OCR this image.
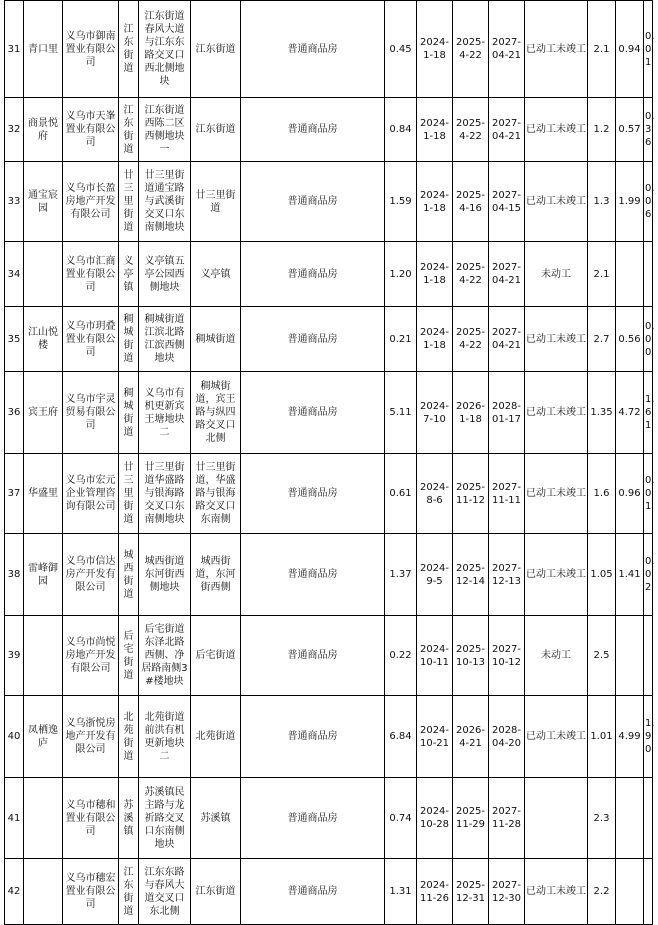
31	青口里	义乌市御南置业有限公司	江东街道	江东街道春风大道与江东东路交叉口西北侧地块	江东街道	普通商品房	0.45	2024-1-18	2025-4-22	2027-04-21	已动工未竣工	2.1	0.94	0.01
32	商景悦府	义乌市天峯置业有限公司	江东街道	江东街道西陈二区西侧地块一	江东街道	普通商品房	0.84	2024-1-18	2025-4-22	2027-04-21	已动工未竣工	1.2	0.57	0.36
33	通宝宸园	义乌市长盈房地产开发有限公司	廿三里街道	廿三里街道通宝路与武溪街交叉口东南侧地块	廿三里街道	普通商品房	1.59	2024-1-18	2025-4-16	2027-04-15	已动工未竣工	1.3	1.99	0.06
34		义乌市汇商置业有限公司	义亭镇	义亭镇五亭公园西侧地块	义亭镇	普通商品房	1.20	2024-1-18	2025-4-22	2027-04-21	未动工	2.1		
35	江山悦楼	义乌市玥叠置业有限公司	稠城街道	稠城街道江滨北路江滨西侧地块	稠城街道	普通商品房	0.21	2024-1-18	2025-4-22	2027-04-21	已动工未竣工	2.7	0.56	0.00
36	宾王府	义乌市宇灵贸易有限公司	稠城街道	义乌市有机更新宾王塘地块二	稠城街道，宾王路与纵四路交叉口北侧	普通商品房	5.11	2024-7-10	2026-1-18	2028-01-17	已动工未竣工	1.35	4.72	1.61
37	华盛里	义乌市宏元企业管理咨询有限公司	廿三里街道	廿三里街道华盛路与银海路交叉口东南侧地块	廿三里街道，华盛路与银海路交叉口东南侧	普通商品房	0.61	2024-8-6	2025-11-12	2027-11-11	已动工未竣工	1.6	0.96	0.01
38	雷峰御园	义乌市信达房产开发有限公司	城西街道	城西街道东河街西侧地块	城西街道，东河街西侧	普通商品房	1.37	2024-9-5	2025-12-14	2027-12-13	已动工未竣工	1.05	1.41	0.02
39		义乌市尚悦房地产开发有限公司	后宅街道	后宅街道东泽北路西侧、净居路南侧3#楼地块	后宅街道	普通商品房	0.22	2024-10-11	2025-10-13	2027-10-12	未动工	2.5		
40	凤栖逸庐	义乌浙悦房地产开发有限公司	北苑街道	北苑街道前洪有机更新地块二	北苑街道	普通商品房	6.84	2024-10-21	2026-4-21	2028-04-20	已动工未竣工	1.01	4.99	1.90
41		义乌市穗和置业有限公司	苏溪镇	苏溪镇民主路与龙祈路交叉口东南侧地块	苏溪镇	普通商品房	0.74	2024-10-28	2025-11-29	2027-11-28		2.3		
42		义乌市穗宏置业有限公司	江东街道	江东东路与春风大道交叉口东北侧	江东街道	普通商品房	1.31	2024-11-26	2025-12-31	2027-12-30	已动工未竣工	2.2		
